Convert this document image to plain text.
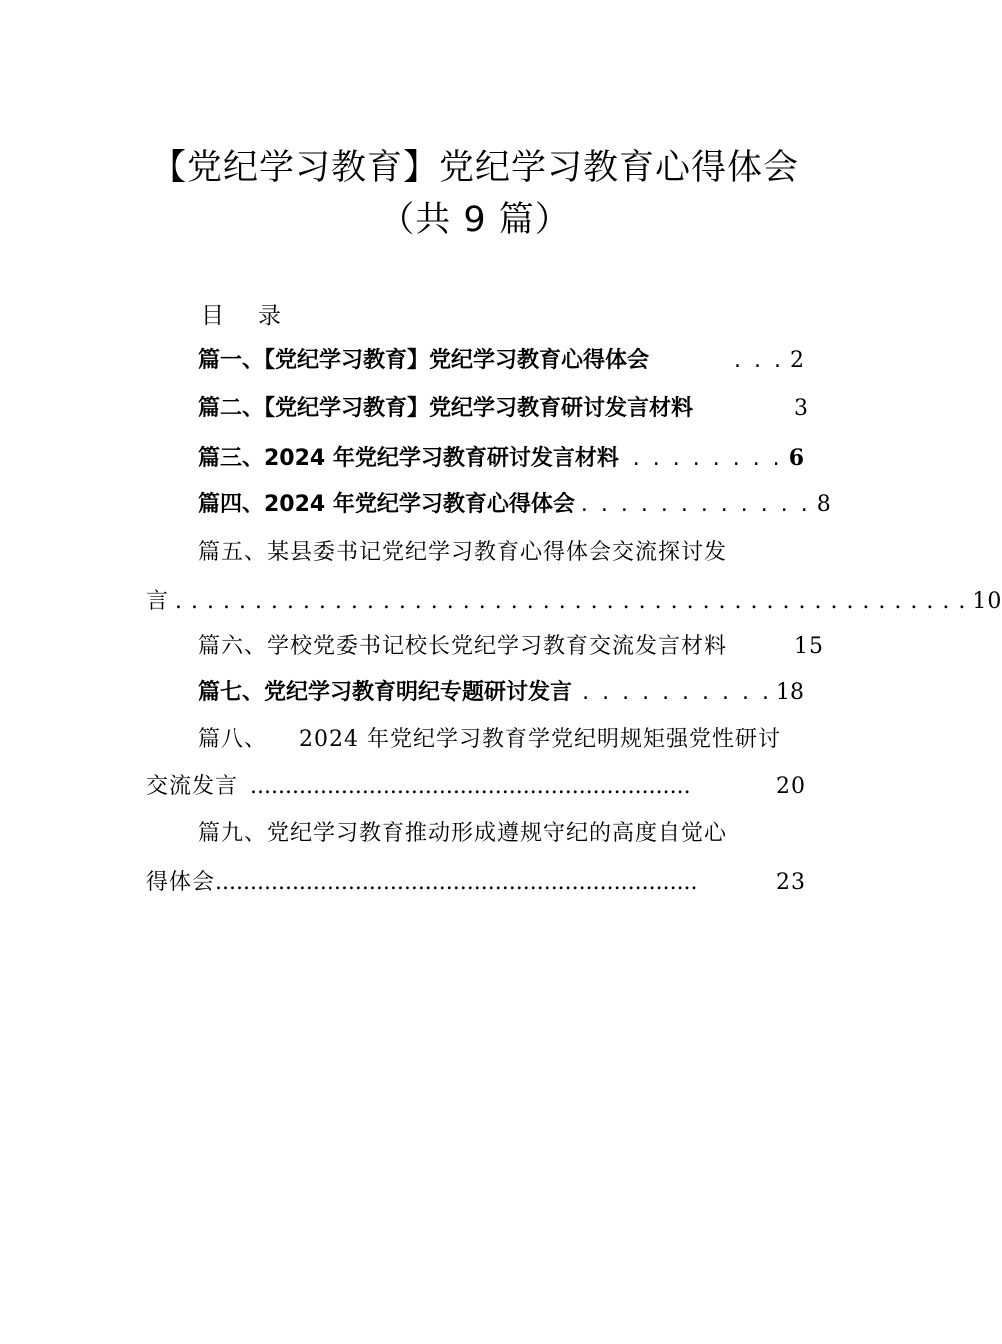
【党纪学习教育】党纪学习教育心得体会
（共 9 篇）
目 录
篇一、【党纪学习教育】党纪学习教育心得体会	. . . 2
篇二、【党纪学习教育】党纪学习教育研讨发言材料	3
篇三、2024 年党纪学习教育研讨发言材料 . . . . . . . . 6
篇四、2024 年党纪学习教育心得体会 . . . . . . . . . . . . 8
篇五、某县委书记党纪学习教育心得体会交流探讨发
言 . . . . . . . . . . . . . . . . . . . . . . . . . . . . . . . . . . . . . . . . . . . . . . . . . . 10
篇六、学校党委书记校长党纪学习教育交流发言材料	15
篇七、党纪学习教育明纪专题研讨发言 . . . . . . . . . . 18
篇八、    2024 年党纪学习教育学党纪明规矩强党性研讨
交流发言 ...............................................................	20
篇九、党纪学习教育推动形成遵规守纪的高度自觉心
得体会 .....................................................................	23
